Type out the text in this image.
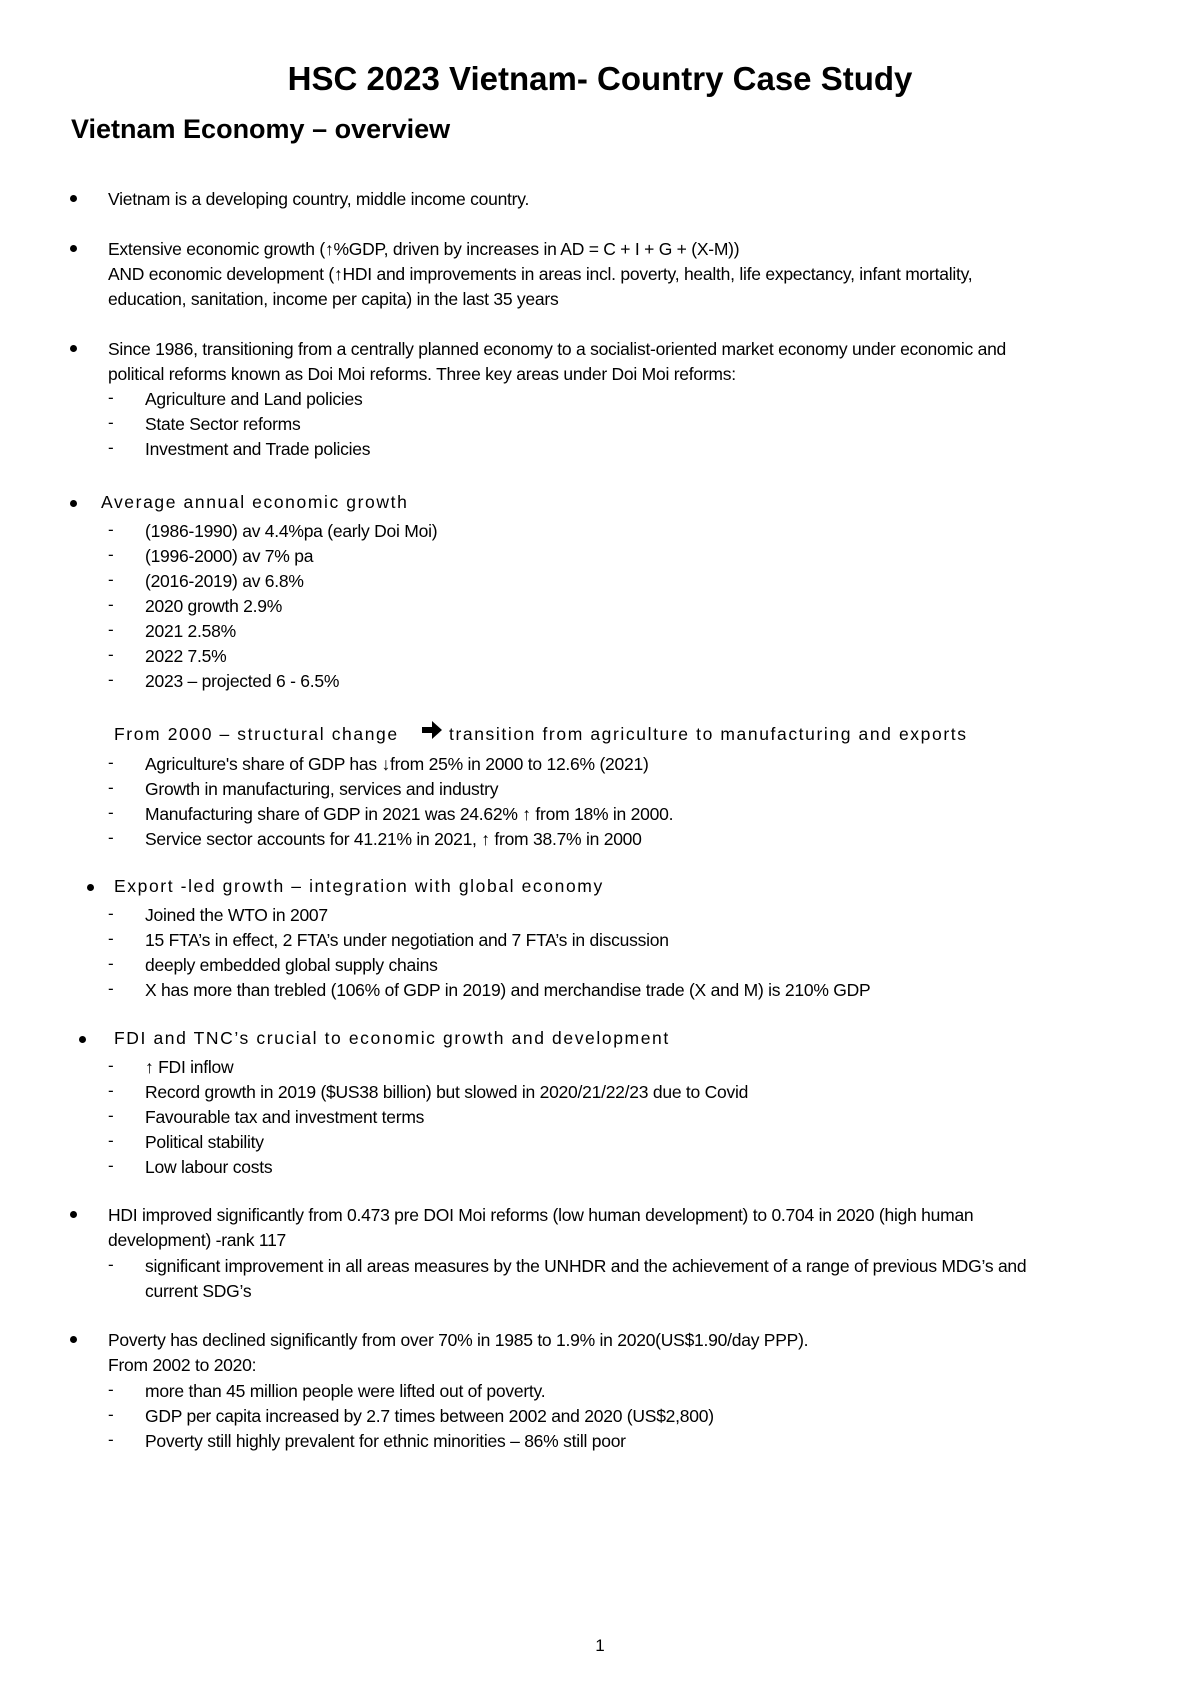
HSC 2023 Vietnam- Country Case Study
Vietnam Economy – overview
Vietnam is a developing country, middle income country.
Extensive economic growth (↑%GDP, driven by increases in AD = C + I + G + (X-M))
AND economic development (↑HDI and improvements in areas incl. poverty, health, life expectancy, infant mortality,
education, sanitation, income per capita) in the last 35 years
Since 1986, transitioning from a centrally planned economy to a socialist-oriented market economy under economic and
political reforms known as Doi Moi reforms. Three key areas under Doi Moi reforms:
- Agriculture and Land policies
- State Sector reforms
- Investment and Trade policies
Average annual economic growth
- (1986-1990) av 4.4%pa (early Doi Moi)
- (1996-2000) av 7% pa
- (2016-2019) av 6.8%
- 2020 growth 2.9%
- 2021 2.58%
- 2022 7.5%
- 2023 – projected 6 - 6.5%
From 2000 – structural change	transition from agriculture to manufacturing and exports
- Agriculture's share of GDP has ↓from 25% in 2000 to 12.6% (2021)
- Growth in manufacturing, services and industry
- Manufacturing share of GDP in 2021 was 24.62% ↑ from 18% in 2000.
- Service sector accounts for 41.21% in 2021, ↑ from 38.7% in 2000
Export -led growth – integration with global economy
- Joined the WTO in 2007
- 15 FTA’s in effect, 2 FTA’s under negotiation and 7 FTA’s in discussion
- deeply embedded global supply chains
- X has more than trebled (106% of GDP in 2019) and merchandise trade (X and M) is 210% GDP
FDI and TNC’s crucial to economic growth and development
- ↑ FDI inflow
- Record growth in 2019 ($US38 billion) but slowed in 2020/21/22/23 due to Covid
- Favourable tax and investment terms
- Political stability
- Low labour costs
HDI improved significantly from 0.473 pre DOI Moi reforms (low human development) to 0.704 in 2020 (high human
development) -rank 117
- significant improvement in all areas measures by the UNHDR and the achievement of a range of previous MDG’s and
current SDG’s
Poverty has declined significantly from over 70% in 1985 to 1.9% in 2020(US$1.90/day PPP).
From 2002 to 2020:
- more than 45 million people were lifted out of poverty.
- GDP per capita increased by 2.7 times between 2002 and 2020 (US$2,800)
- Poverty still highly prevalent for ethnic minorities – 86% still poor
1
